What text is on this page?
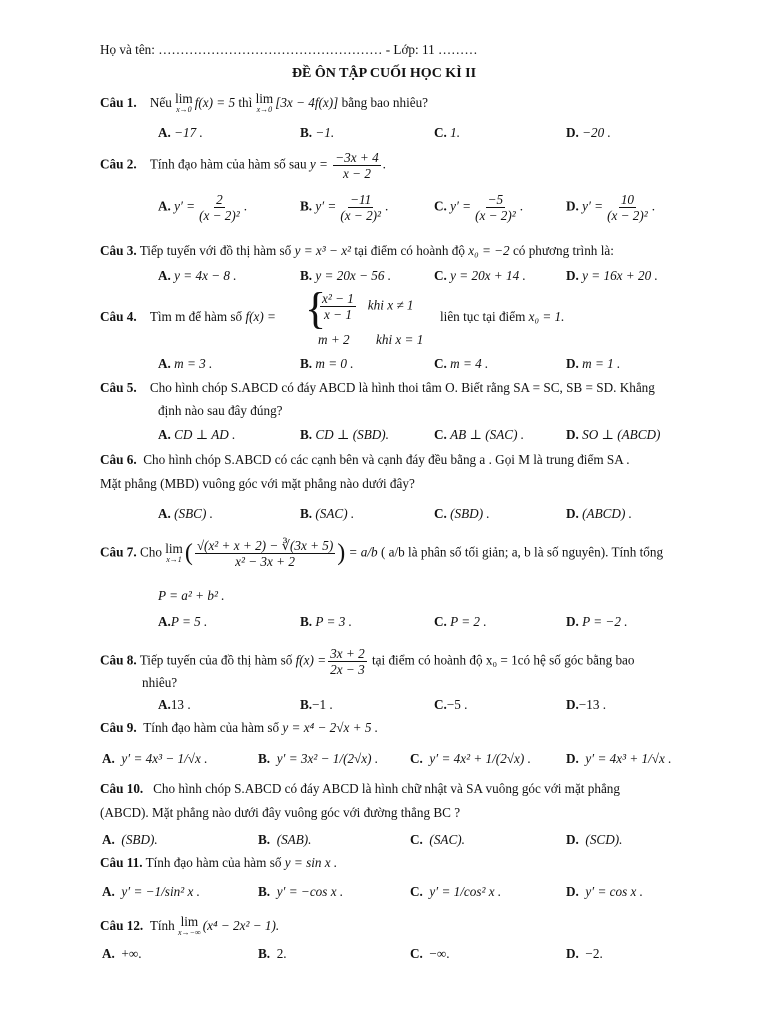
Họ và tên: …………………………………………… - Lớp: 11 ………
ĐỀ ÔN TẬP CUỐI HỌC KÌ II
Câu 1. Nếu lim
x→0 f(x) = 5 thì lim
x→0 [3x − 4f(x)] bằng bao nhiêu?
A. −17 .	B. −1.	C. 1.	D. −20 .
Câu 2. Tính đạo hàm của hàm số sau $y = \frac{-3x + 4}{x - 2}$ .
A. $y' = \frac{2}{\text{(x − 2)²}}$ .	B. $y' = \frac{-11}{\text{(x − 2)²}}$ .	C. $y' = \frac{-5}{\text{(x − 2)²}}$ .	D. $y' = \frac{10}{\text{(x − 2)²}}$ .
Câu 3. Tiếp tuyến với đồ thị hàm số y = x³ − x² tại điểm có hoành độ x₀ = −2 có phương trình là:
A. y = 4x − 8 .	B. y = 20x − 56 .	C. y = 20x + 14 .	D. y = 16x + 20 .
Câu 4. Tìm m để hàm số f(x) = {
$\frac{\text{x² − 1}}{x - 1}$ khi x ≠ 1
m + 2 khi x = 1
liên tục tại điểm x₀ = 1.
A. m = 3 .	B. m = 0 .	C. m = 4 .	D. m = 1 .
Câu 5. Cho hình chóp S.ABCD có đáy ABCD là hình thoi tâm O. Biết rằng SA = SC, SB = SD. Khẳng
định nào sau đây đúng?
A. CD ⊥ AD .	B. CD ⊥ (SBD).	C. AB ⊥ (SAC) .	D. SO ⊥ (ABCD)
Câu 6. Cho hình chóp S.ABCD có các cạnh bên và cạnh đáy đều bằng a . Gọi M là trung điểm SA .
Mặt phẳng (MBD) vuông góc với mặt phẳng nào dưới đây?
A. (SBC) .	B. (SAC) .	C. (SBD) .	D. (ABCD) .
Câu 7. Cho lim
x→1 ( $\frac{\text{√(x² + x + 2) − ∛(3x + 5)}}{\text{x² − 3x + 2}}$ ) = a/b ( a/b là phân số tối giản; a, b là số nguyên). Tính tổng
P = a² + b² .
A.P = 5 .	B. P = 3 .	C. P = 2 .	D. P = −2 .
Câu 8. Tiếp tuyến của đồ thị hàm số $f(x) = \frac{3x + 2}{2x - 3}$ tại điểm có hoành độ x₀ = 1có hệ số góc bằng bao
nhiêu?
A.13 .	B.−1 .	C.−5 .	D.−13 .
Câu 9. Tính đạo hàm của hàm số y = x⁴ − 2√x + 5 .
A. y′ = 4x³ − 1/√x .	B. y′ = 3x² − 1/(2√x) . C. y′ = 4x² + 1/(2√x) .	D. y′ = 4x³ + 1/√x .
Câu 10. Cho hình chóp S.ABCD có đáy ABCD là hình chữ nhật và SA vuông góc với mặt phẳng
(ABCD). Mặt phẳng nào dưới đây vuông góc với đường thẳng BC ?
A. (SBD).	B. (SAB).	C. (SAC).	D. (SCD).
Câu 11. Tính đạo hàm của hàm số y = sin x .
A. y′ = −1/sin² x .	B. y′ = −cos x .	C. y′ = 1/cos² x .	D. y′ = cos x .
Câu 12. Tính lim
x→−∞ (x⁴ − 2x² − 1).
A. +∞.	B. 2.	C. −∞.	D. −2.
